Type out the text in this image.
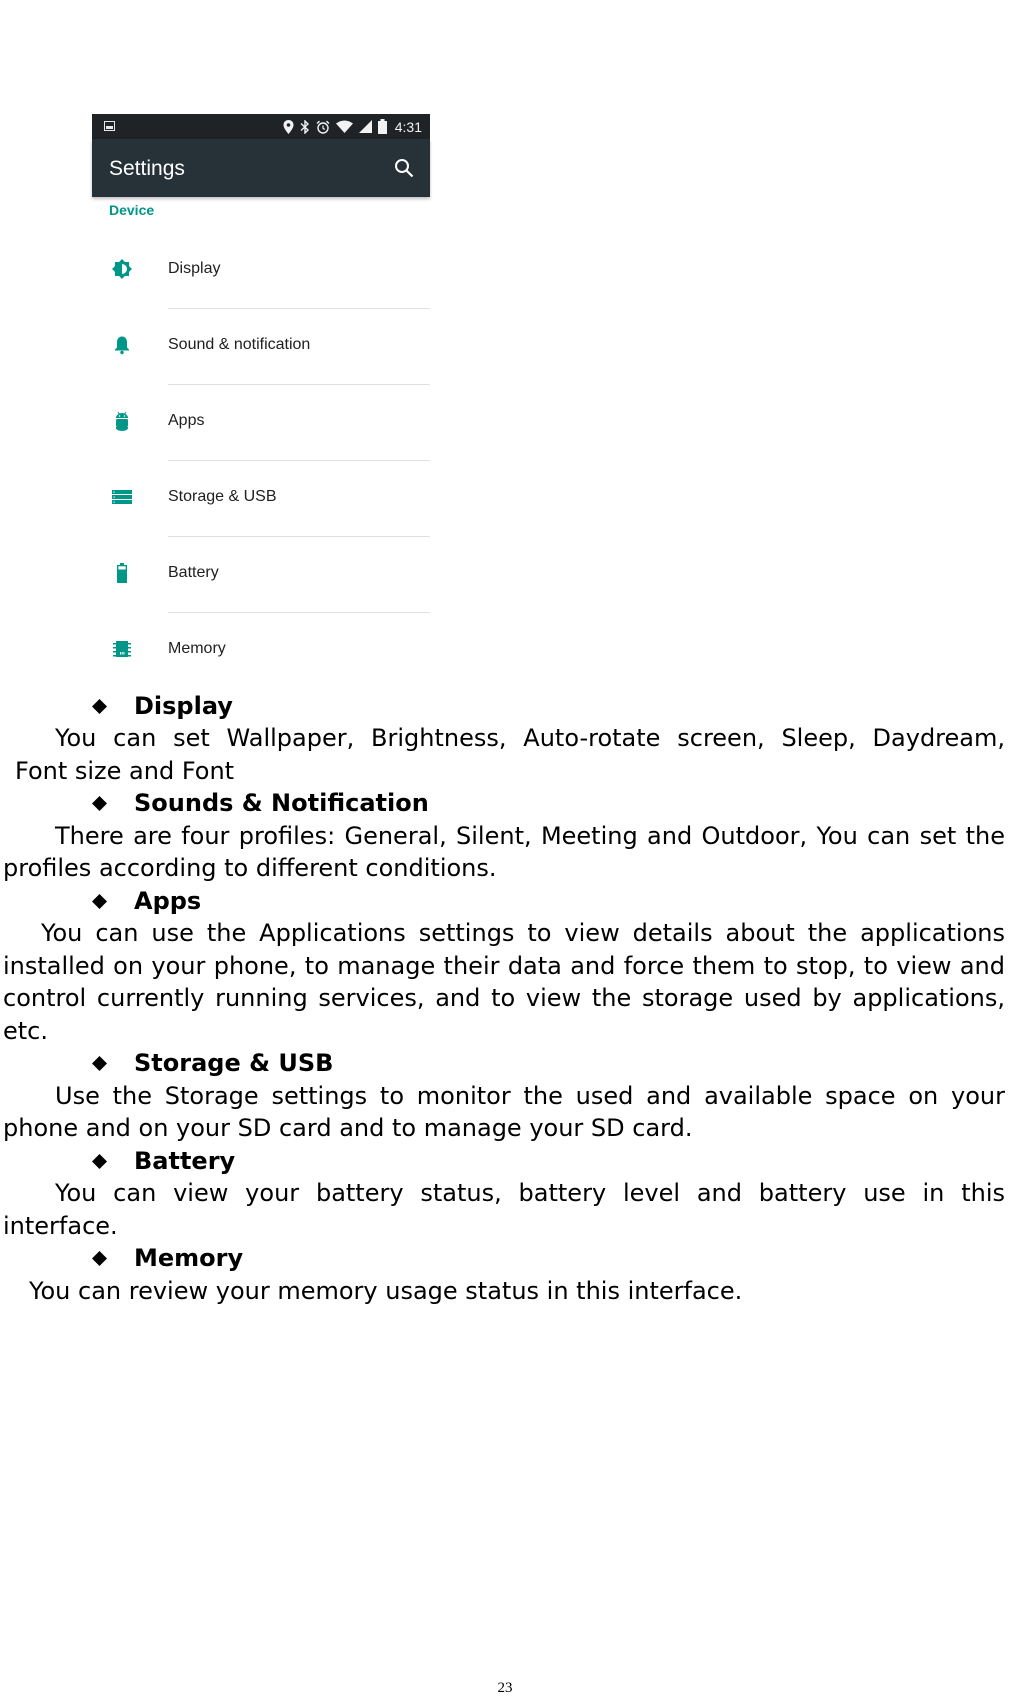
4:31
Settings
Device
Display
Sound & notification
Apps
Storage & USB
Battery
Memory
Display
You can set Wallpaper, Brightness, Auto-rotate screen, Sleep, Daydream,
Font size and Font
Sounds & Notification
There are four profiles: General, Silent, Meeting and Outdoor, You can set the
profiles according to different conditions.
Apps
You can use the Applications settings to view details about the applications
installed on your phone, to manage their data and force them to stop, to view and
control currently running services, and to view the storage used by applications,
etc.
Storage & USB
Use the Storage settings to monitor the used and available space on your
phone and on your SD card and to manage your SD card.
Battery
You can view your battery status, battery level and battery use in this
interface.
Memory
You can review your memory usage status in this interface.
23
